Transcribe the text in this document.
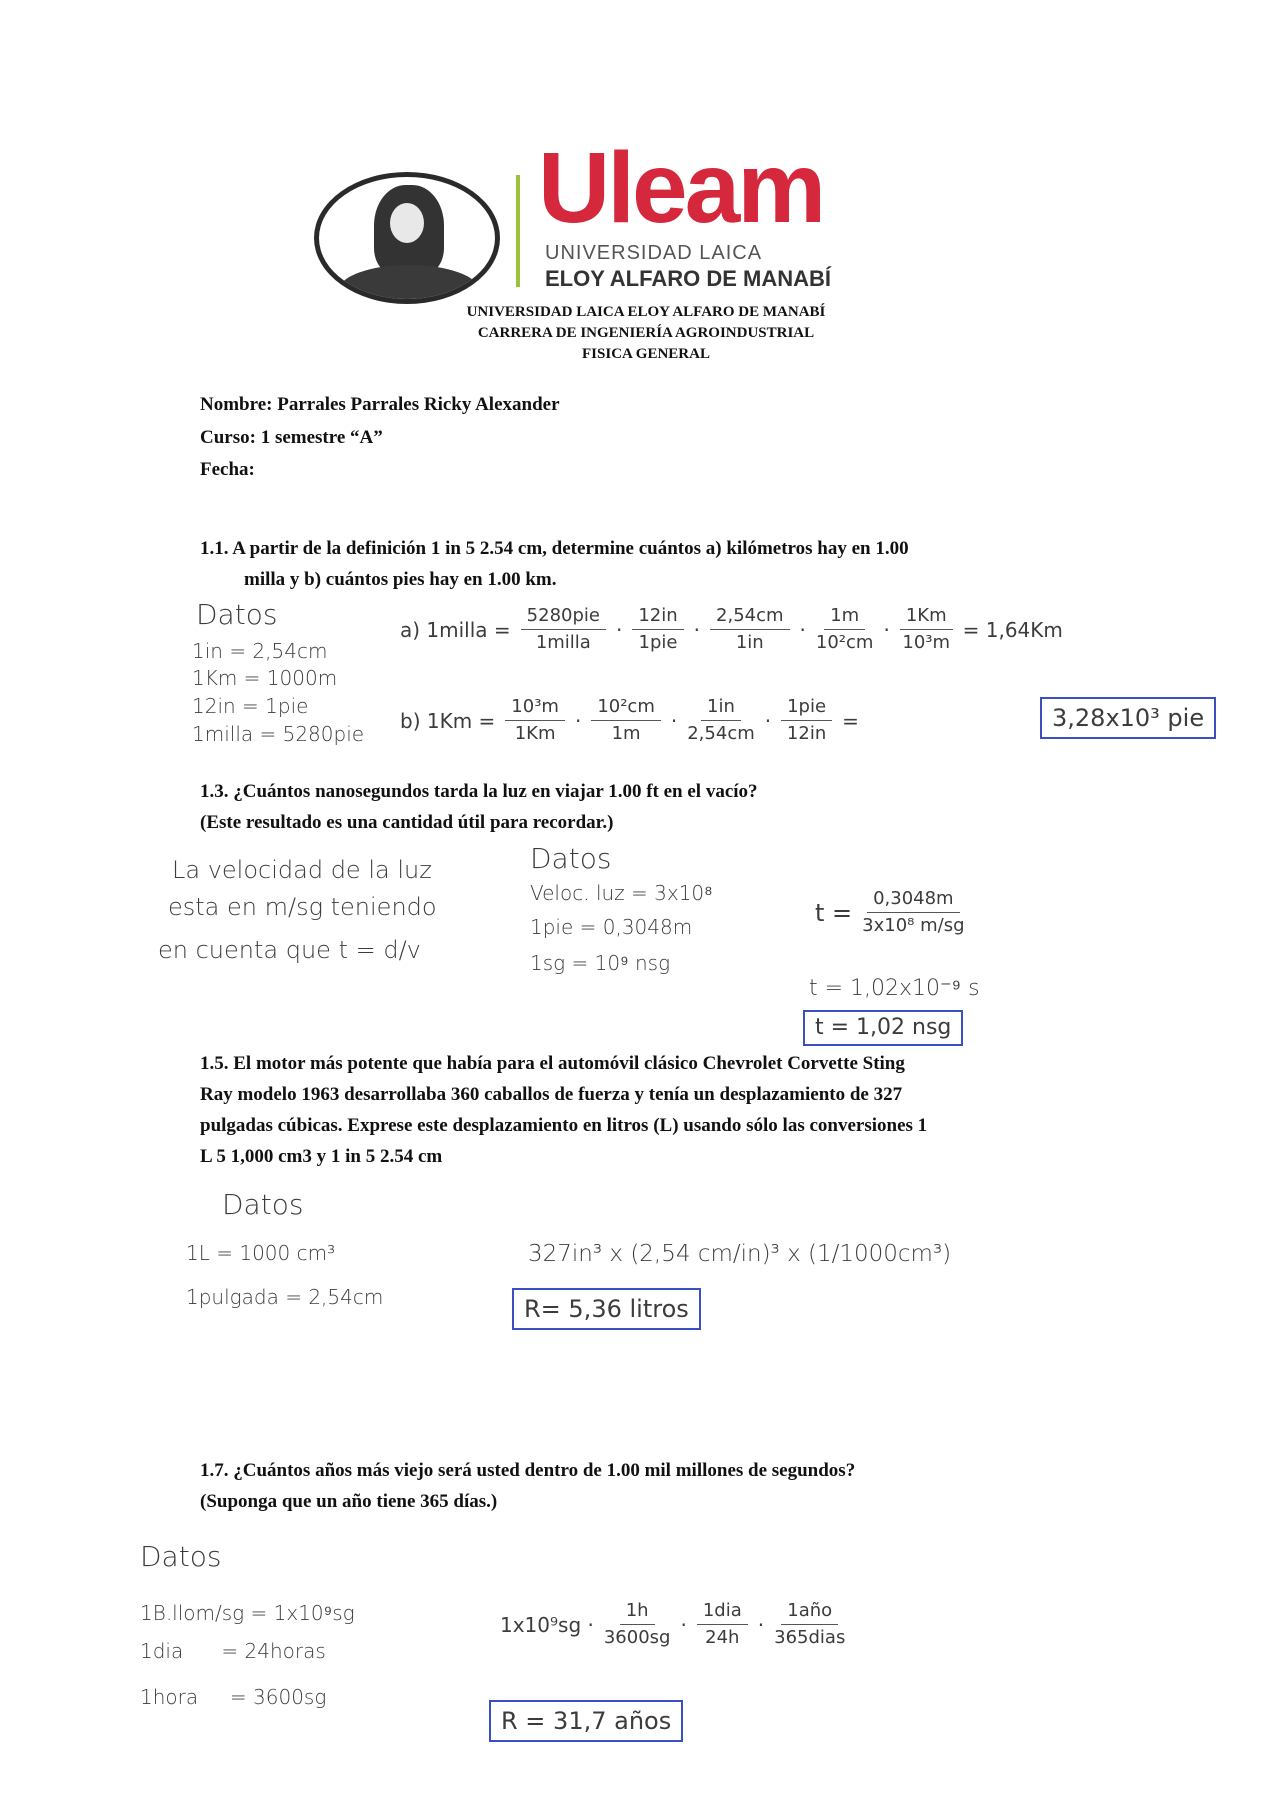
Uleam
UNIVERSIDAD LAICA
ELOY ALFARO DE MANABÍ
UNIVERSIDAD LAICA ELOY ALFARO DE MANABÍ
CARRERA DE INGENIERÍA AGROINDUSTRIAL
FISICA GENERAL
Nombre: Parrales Parrales Ricky Alexander
Curso: 1 semestre “A”
Fecha:
1.1. A partir de la definición 1 in 5 2.54 cm, determine cuántos a) kilómetros hay en 1.00
milla y b) cuántos pies hay en 1.00 km.
Datos
1in = 2,54cm
1Km = 1000m
12in = 1pie
1milla = 5280pie
a) 1milla = $\frac{\text{5280pie}}{\text{1milla}} \cdot \frac{12in}{\text{1pie}} \cdot \frac{2,54cm}{1in} \cdot \frac{1m}{\text{10²cm}} \cdot \frac{1Km}{\text{10³m}} = 1,64Km$
b) $1Km = \frac{\text{10³m}}{1Km} \cdot \frac{\text{10²cm}}{1m} \cdot \frac{1in}{2,54cm} \cdot \frac{\text{1pie}}{12in}$ =	3,28x10³ pie
1.3. ¿Cuántos nanosegundos tarda la luz en viajar 1.00 ft en el vacío?
(Este resultado es una cantidad útil para recordar.)
La velocidad de la luz
esta en m/sg teniendo
en cuenta que t = d/v
Datos
Veloc. luz = 3x10⁸
1pie = 0,3048m
1sg = 10⁹ nsg
$t = \frac{0,3048m}{\text{3x10⁸ m/sg}}$
t = 1,02x10⁻⁹ s
t = 1,02 nsg
1.5. El motor más potente que había para el automóvil clásico Chevrolet Corvette Sting
Ray modelo 1963 desarrollaba 360 caballos de fuerza y tenía un desplazamiento de 327
pulgadas cúbicas. Exprese este desplazamiento en litros (L) usando sólo las conversiones 1
L 5 1,000 cm3 y 1 in 5 2.54 cm
Datos
1L = 1000 cm³
1pulgada = 2,54cm
327in³ x (2,54 cm/in)³ x (1/1000cm³)
R= 5,36 litros
1.7. ¿Cuántos años más viejo será usted dentro de 1.00 mil millones de segundos?
(Suponga que un año tiene 365 días.)
Datos
1B.llom/sg = 1x10⁹sg
1dia      = 24horas
1hora     = 3600sg
$1x10^9sg \cdot \frac{1h}{3600sg} \cdot \frac{\text{1dia}}{24h} \cdot \frac{\text{1año}}{\text{365dias}}$
R = 31,7 años
